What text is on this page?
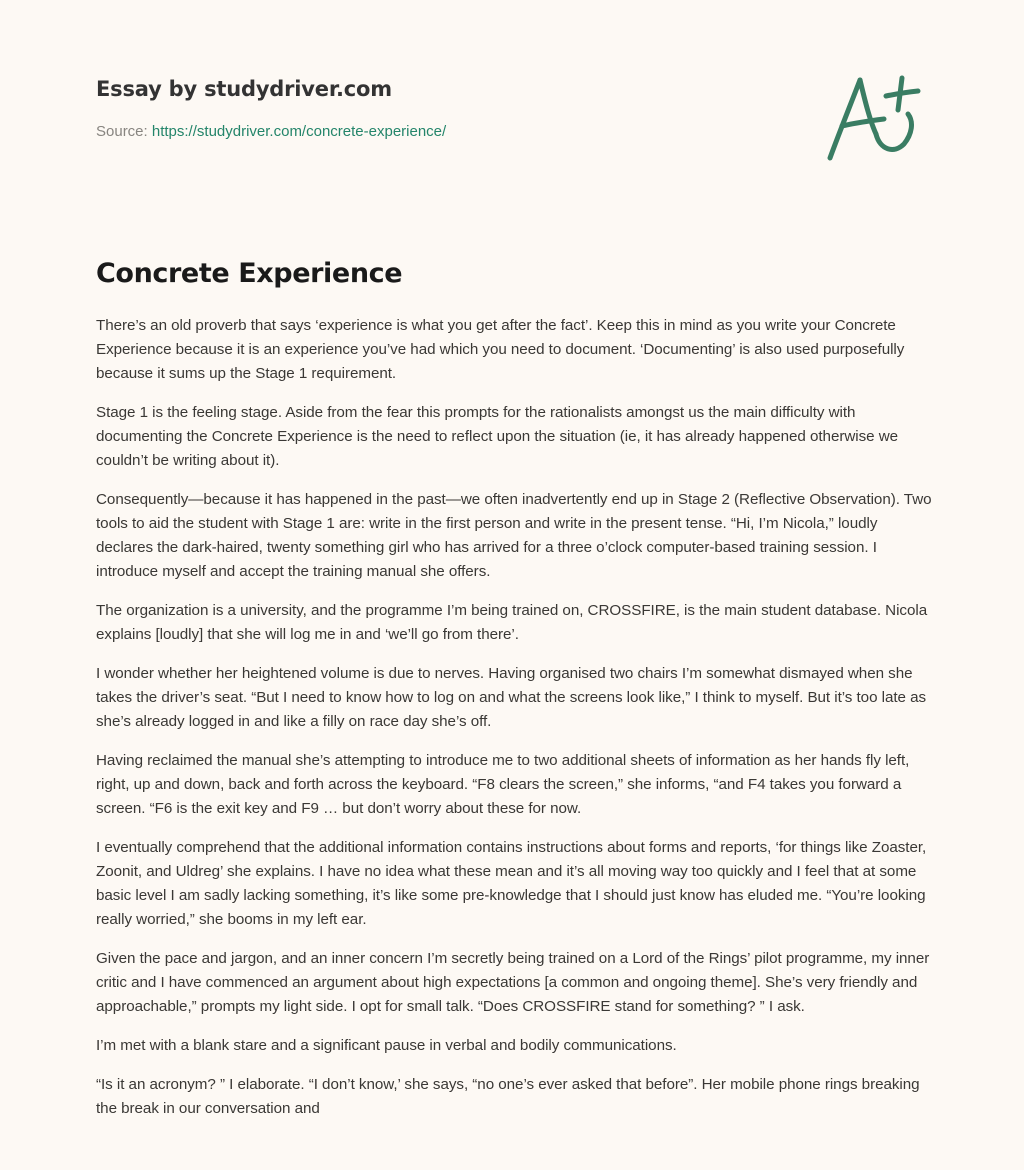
Essay by studydriver.com
Source: https://studydriver.com/concrete-experience/
Concrete Experience

There’s an old proverb that says ‘experience is what you get after the fact’. Keep this in mind as you write your Concrete Experience because it is an experience you’ve had which you need to document. ‘Documenting’ is also used purposefully because it sums up the Stage 1 requirement.

Stage 1 is the feeling stage. Aside from the fear this prompts for the rationalists amongst us the main difficulty with documenting the Concrete Experience is the need to reflect upon the situation (ie, it has already happened otherwise we couldn’t be writing about it).

Consequently—because it has happened in the past—we often inadvertently end up in Stage 2 (Reflective Observation). Two tools to aid the student with Stage 1 are: write in the first person and write in the present tense. “Hi, I’m Nicola,” loudly declares the dark-haired, twenty something girl who has arrived for a three o’clock computer-based training session. I introduce myself and accept the training manual she offers.

The organization is a university, and the programme I’m being trained on, CROSSFIRE, is the main student database. Nicola explains [loudly] that she will log me in and ‘we’ll go from there’.

I wonder whether her heightened volume is due to nerves. Having organised two chairs I’m somewhat dismayed when she takes the driver’s seat. “But I need to know how to log on and what the screens look like,” I think to myself. But it’s too late as she’s already logged in and like a filly on race day she’s off.

Having reclaimed the manual she’s attempting to introduce me to two additional sheets of information as her hands fly left, right, up and down, back and forth across the keyboard. “F8 clears the screen,” she informs, “and F4 takes you forward a screen. “F6 is the exit key and F9 … but don’t worry about these for now.

I eventually comprehend that the additional information contains instructions about forms and reports, ‘for things like Zoaster, Zoonit, and Uldreg’ she explains. I have no idea what these mean and it’s all moving way too quickly and I feel that at some basic level I am sadly lacking something, it’s like some pre-knowledge that I should just know has eluded me. “You’re looking really worried,” she booms in my left ear.

Given the pace and jargon, and an inner concern I’m secretly being trained on a Lord of the Rings’ pilot programme, my inner critic and I have commenced an argument about high expectations [a common and ongoing theme]. She’s very friendly and approachable,” prompts my light side. I opt for small talk. “Does CROSSFIRE stand for something? ” I ask.

I’m met with a blank stare and a significant pause in verbal and bodily communications.

“Is it an acronym? ” I elaborate. “I don’t know,’ she says, “no one’s ever asked that before”. Her mobile phone rings breaking the break in our conversation and
